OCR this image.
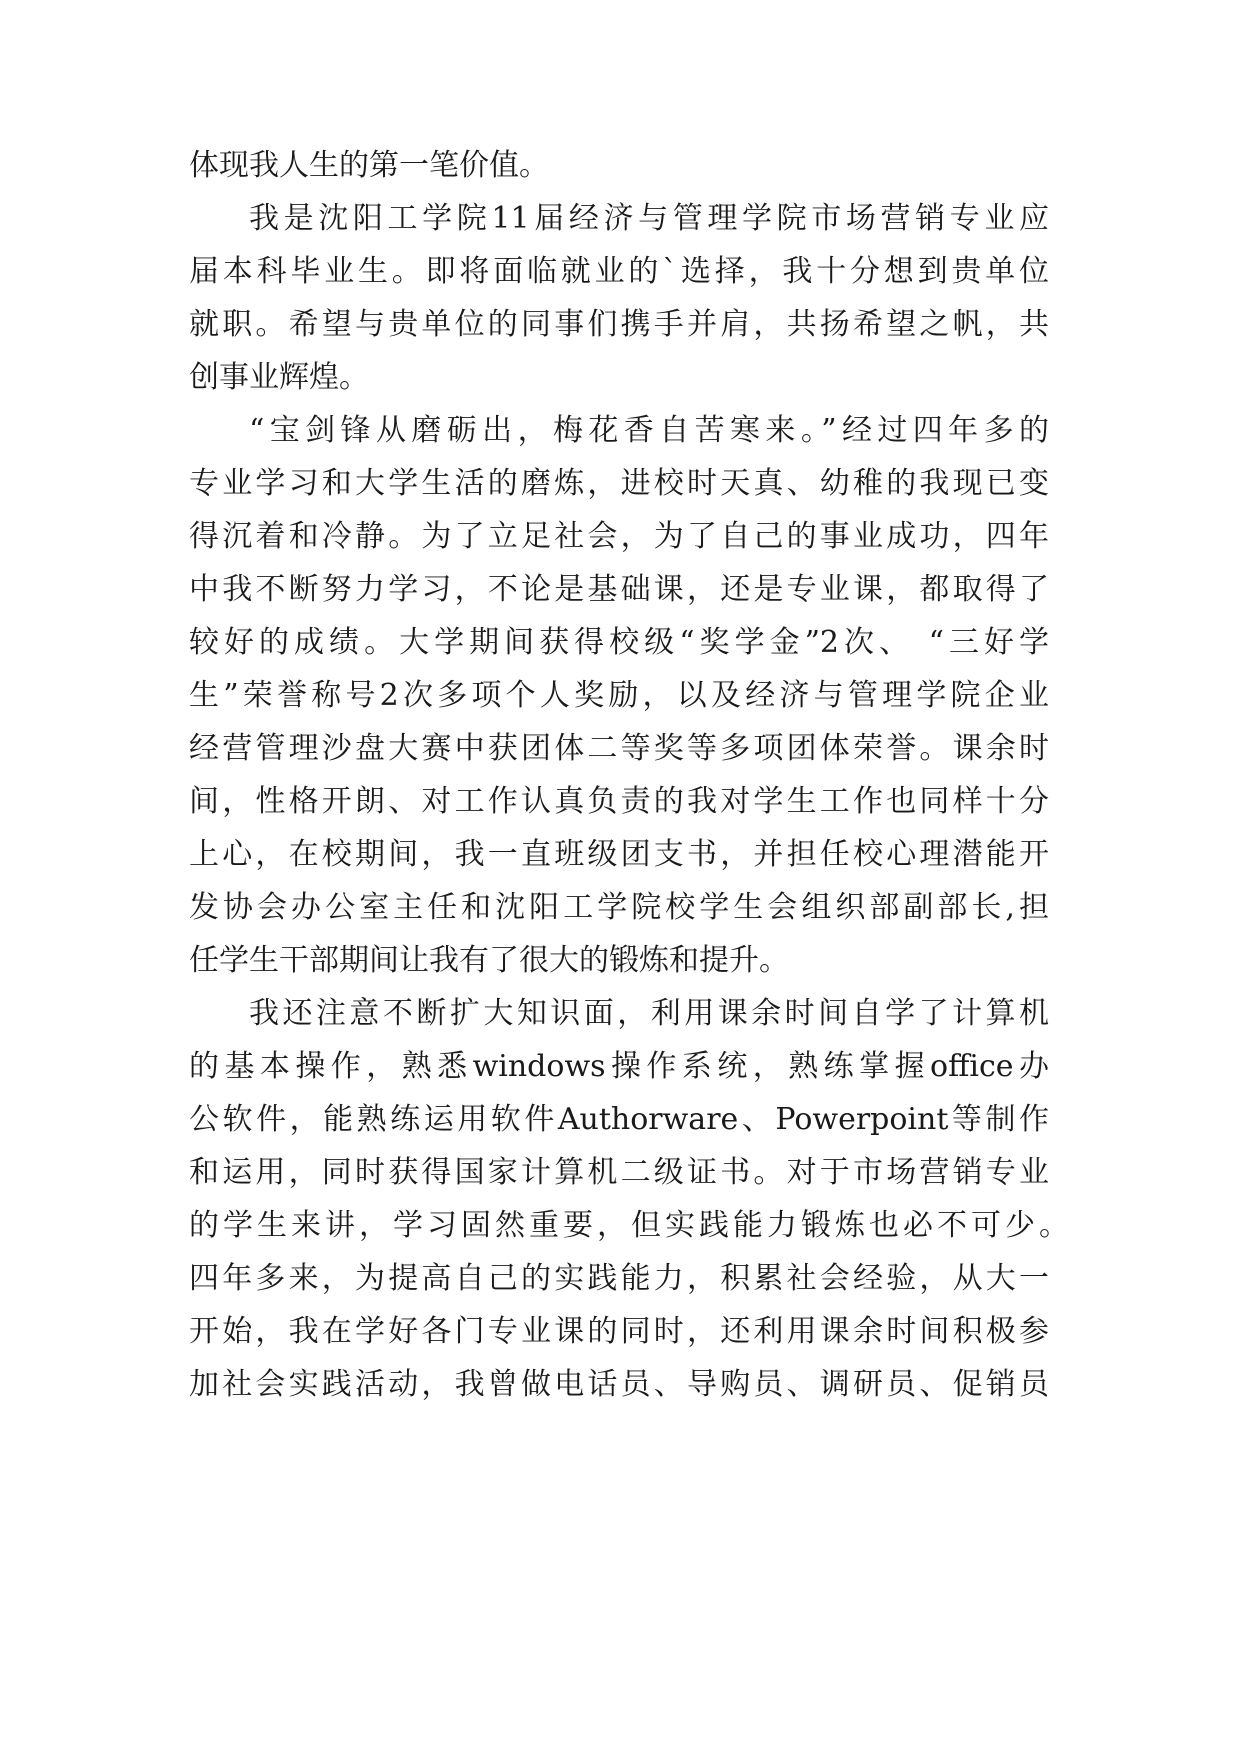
体现我人生的第一笔价值。

我是沈阳工学院11届经济与管理学院市场营销专业应

届本科毕业生。即将面临就业的`选择，我十分想到贵单位

就职。希望与贵单位的同事们携手并肩，共扬希望之帆，共

创事业辉煌。

“宝剑锋从磨砺出，梅花香自苦寒来。”经过四年多的

专业学习和大学生活的磨炼，进校时天真、幼稚的我现已变

得沉着和冷静。为了立足社会，为了自己的事业成功，四年

中我不断努力学习，不论是基础课，还是专业课，都取得了

较好的成绩。大学期间获得校级“奖学金”2次、 “三好学

生”荣誉称号2次多项个人奖励，以及经济与管理学院企业

经营管理沙盘大赛中获团体二等奖等多项团体荣誉。课余时

间，性格开朗、对工作认真负责的我对学生工作也同样十分

上心，在校期间，我一直班级团支书，并担任校心理潜能开

发协会办公室主任和沈阳工学院校学生会组织部副部长,担

任学生干部期间让我有了很大的锻炼和提升。

我还注意不断扩大知识面，利用课余时间自学了计算机

的基本操作，熟悉windows操作系统，熟练掌握office办

公软件，能熟练运用软件Authorware、Powerpoint等制作

和运用，同时获得国家计算机二级证书。对于市场营销专业

的学生来讲，学习固然重要，但实践能力锻炼也必不可少。

四年多来，为提高自己的实践能力，积累社会经验，从大一

开始，我在学好各门专业课的同时，还利用课余时间积极参

加社会实践活动，我曾做电话员、导购员、调研员、促销员
